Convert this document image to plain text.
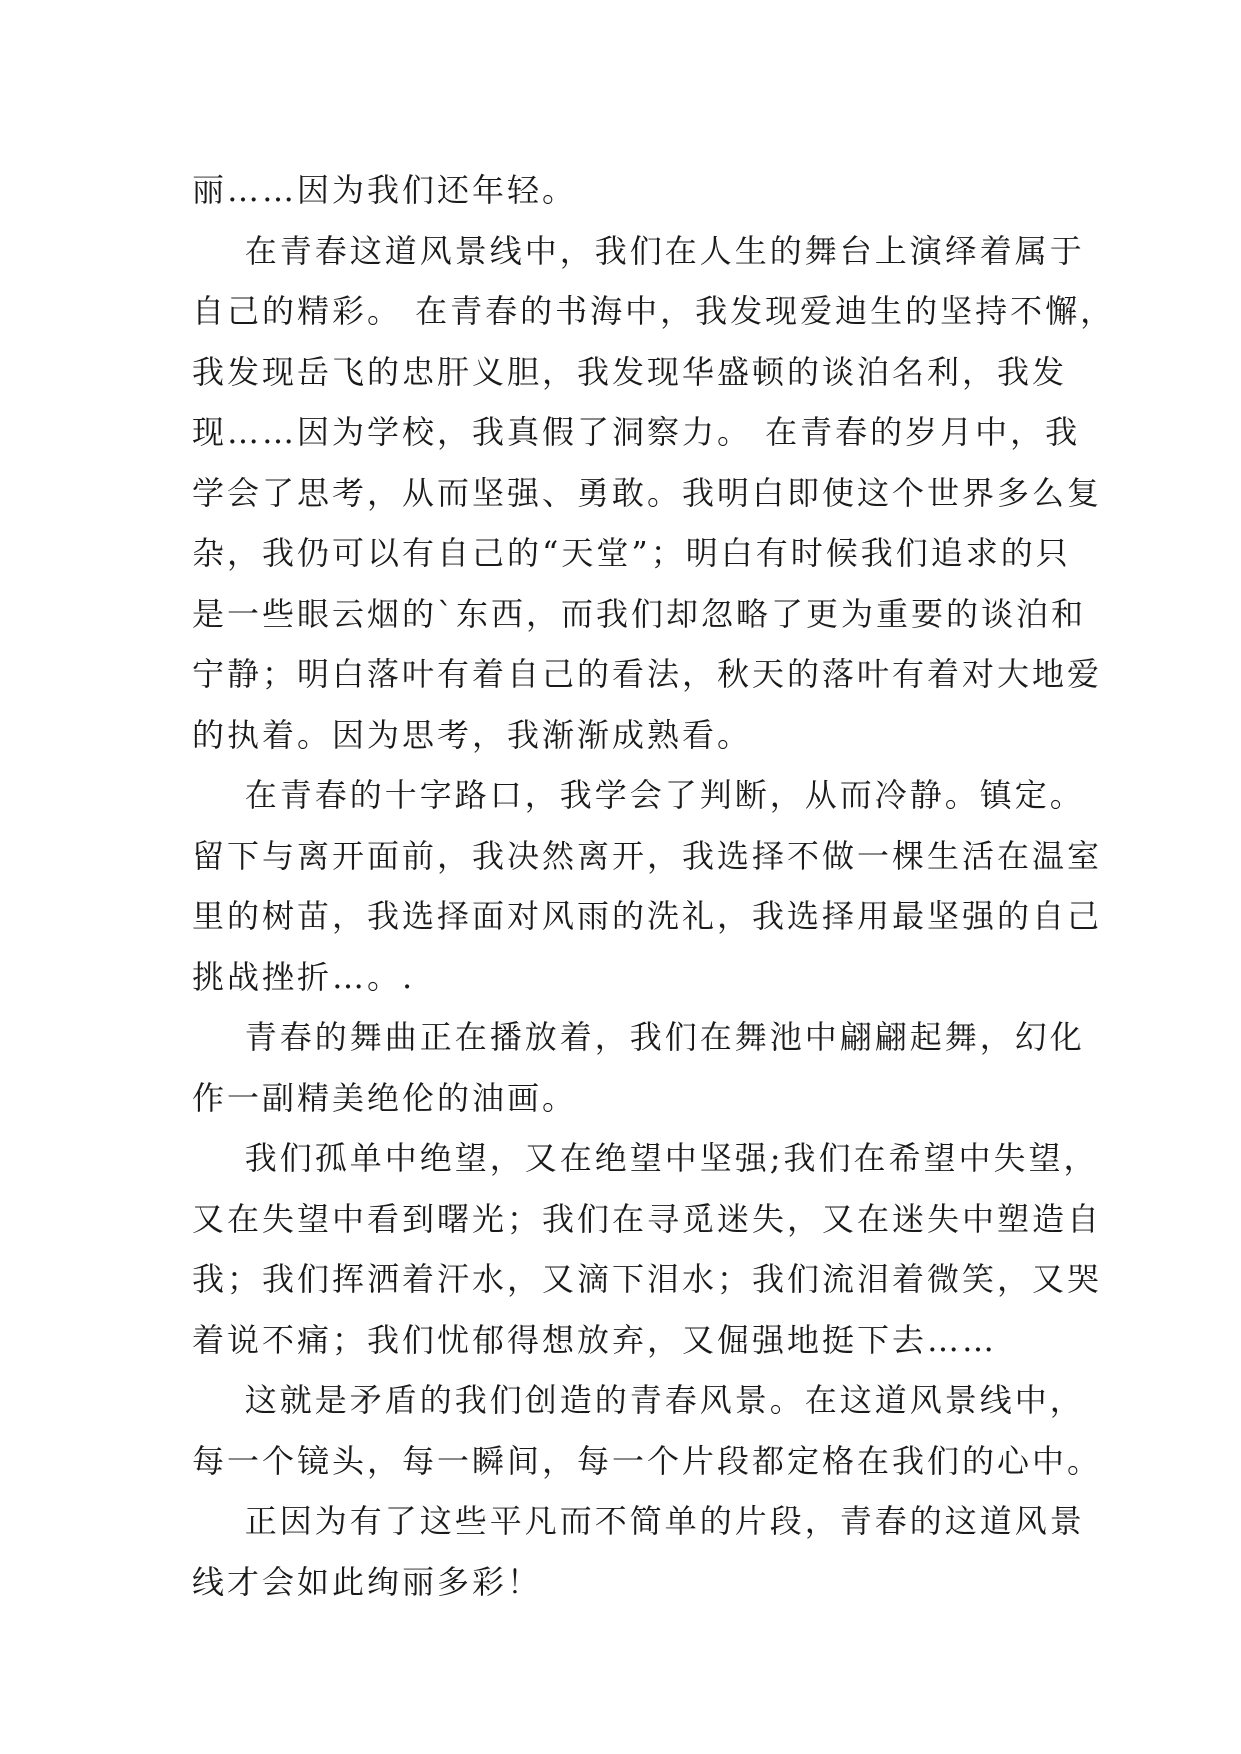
丽……因为我们还年轻。
在青春这道风景线中，我们在人生的舞台上演绎着属于
自己的精彩。 在青春的书海中，我发现爱迪生的坚持不懈，
我发现岳飞的忠肝义胆，我发现华盛顿的谈泊名利，我发
现……因为学校，我真假了洞察力。 在青春的岁月中，我
学会了思考，从而坚强、勇敢。我明白即使这个世界多么复
杂，我仍可以有自己的“天堂”；明白有时候我们追求的只
是一些眼云烟的`东西，而我们却忽略了更为重要的谈泊和
宁静；明白落叶有着自己的看法，秋天的落叶有着对大地爱
的执着。因为思考，我渐渐成熟看。
在青春的十字路口，我学会了判断，从而冷静。镇定。
留下与离开面前，我决然离开，我选择不做一棵生活在温室
里的树苗，我选择面对风雨的洗礼，我选择用最坚强的自己
挑战挫折…。.
青春的舞曲正在播放着，我们在舞池中翩翩起舞，幻化
作一副精美绝伦的油画。
我们孤单中绝望，又在绝望中坚强;我们在希望中失望，
又在失望中看到曙光；我们在寻觅迷失，又在迷失中塑造自
我；我们挥洒着汗水，又滴下泪水；我们流泪着微笑，又哭
着说不痛；我们忧郁得想放弃，又倔强地挺下去……
这就是矛盾的我们创造的青春风景。在这道风景线中，
每一个镜头，每一瞬间，每一个片段都定格在我们的心中。
正因为有了这些平凡而不简单的片段，青春的这道风景
线才会如此绚丽多彩！
